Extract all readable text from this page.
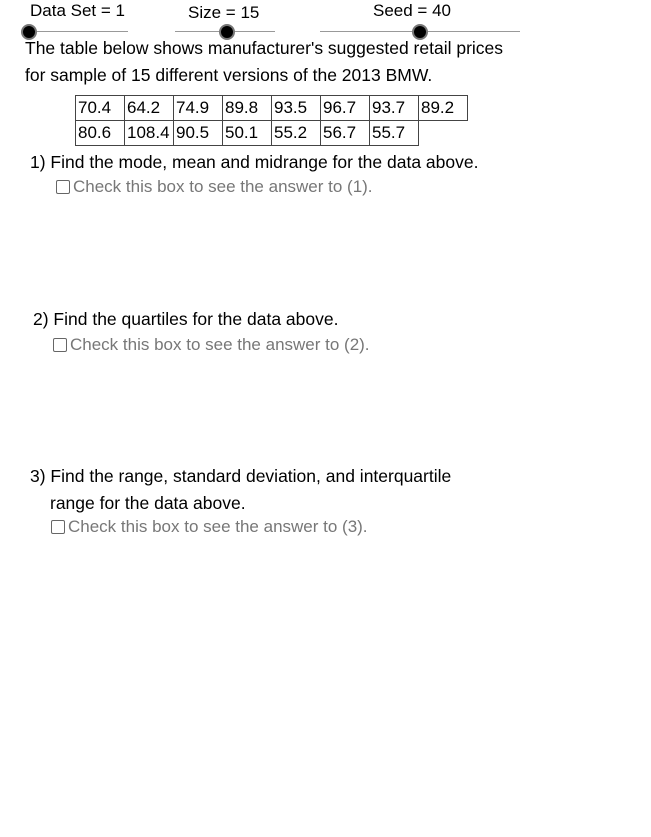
Data Set = 1	Size = 15	Seed = 40
The table below shows manufacturer's suggested retail prices
for sample of 15 different versions of the 2013 BMW.
70.4	64.2	74.9	89.8	93.5	96.7	93.7	89.2
80.6	108.4	90.5	50.1	55.2	56.7	55.7	
1) Find the mode, mean and midrange for the data above.
Check this box to see the answer to (1).
2) Find the quartiles for the data above.
Check this box to see the answer to (2).
3) Find the range, standard deviation, and interquartile
range for the data above.
Check this box to see the answer to (3).
